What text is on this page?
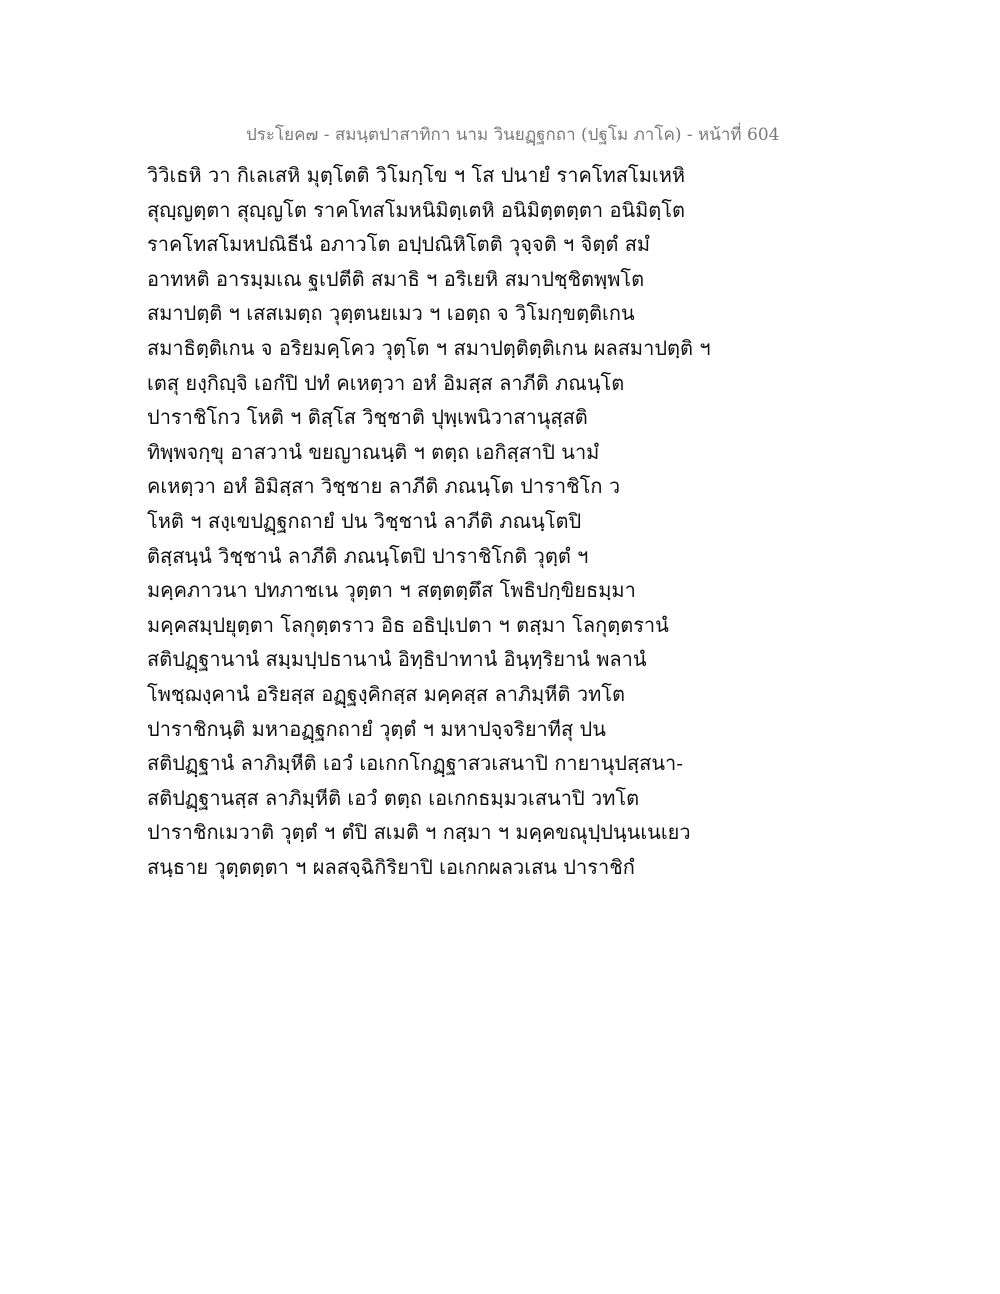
ประโยค๗ - สมนฺตปาสาทิกา นาม วินยฏฺฐกถา (ปฐโม ภาโค) - หน้าที่ 604
วิวิเธหิ วา กิเลเสหิ มุตฺโตติ วิโมกฺโข ฯ โส ปนายํ ราคโทสโมเหหิ
สุญฺญตฺตา สุญฺญโต ราคโทสโมหนิมิตฺเตหิ อนิมิตฺตตฺตา อนิมิตฺโต
ราคโทสโมหปณิธีนํ อภาวโต อปฺปณิหิโตติ วุจฺจติ ฯ จิตฺตํ สมํ
อาทหติ อารมฺมเณ ฐเปตีติ สมาธิ ฯ อริเยหิ สมาปชฺชิตพฺพโต
สมาปตฺติ ฯ เสสเมตฺถ วุตฺตนยเมว ฯ เอตฺถ จ วิโมกฺขตฺติเกน
สมาธิตฺติเกน จ อริยมคฺโคว วุตฺโต ฯ สมาปตฺติตฺติเกน ผลสมาปตฺติ ฯ
เตสุ ยงฺกิญฺจิ เอกํปิ ปทํ คเหตฺวา อหํ อิมสฺส ลาภีติ ภณนฺโต
ปาราชิโกว โหติ ฯ ติสฺโส วิชฺชาติ ปุพฺเพนิวาสานุสฺสติ
ทิพฺพจกฺขุ อาสวานํ ขยญาณนฺติ ฯ ตตฺถ เอกิสฺสาปิ นามํ
คเหตฺวา อหํ อิมิสฺสา วิชฺชาย ลาภีติ ภณนฺโต ปาราชิโก ว
โหติ ฯ สงฺเขปฏฺฐกถายํ ปน วิชฺชานํ ลาภีติ ภณนฺโตปิ
ติสฺสนฺนํ วิชฺชานํ ลาภีติ ภณนฺโตปิ ปาราชิโกติ วุตฺตํ ฯ
มคฺคภาวนา ปทภาชเน วุตฺตา ฯ สตฺตตฺตึส โพธิปกฺขิยธมฺมา
มคฺคสมฺปยุตฺตา โลกุตฺตราว อิธ อธิปฺเปตา ฯ ตสฺมา โลกุตฺตรานํ
สติปฏฺฐานานํ สมฺมปฺปธานานํ อิทฺธิปาทานํ อินฺทฺริยานํ พลานํ
โพชฺฌงฺคานํ อริยสฺส อฏฺฐงฺคิกสฺส มคฺคสฺส ลาภิมฺหีติ วทโต
ปาราชิกนฺติ มหาอฏฺฐกถายํ วุตฺตํ ฯ มหาปจฺจริยาทีสุ ปน
สติปฏฺฐานํ ลาภิมฺหีติ เอวํ เอเกกโกฏฺฐาสวเสนาปิ กายานุปสฺสนา-
สติปฏฺฐานสฺส ลาภิมฺหีติ เอวํ ตตฺถ เอเกกธมฺมวเสนาปิ วทโต
ปาราชิกเมวาติ วุตฺตํ ฯ ตํปิ สเมติ ฯ กสฺมา ฯ มคฺคขณุปฺปนฺนเนเยว
สนฺธาย วุตฺตตฺตา ฯ ผลสจฺฉิกิริยาปิ เอเกกผลวเสน ปาราชิกํ
